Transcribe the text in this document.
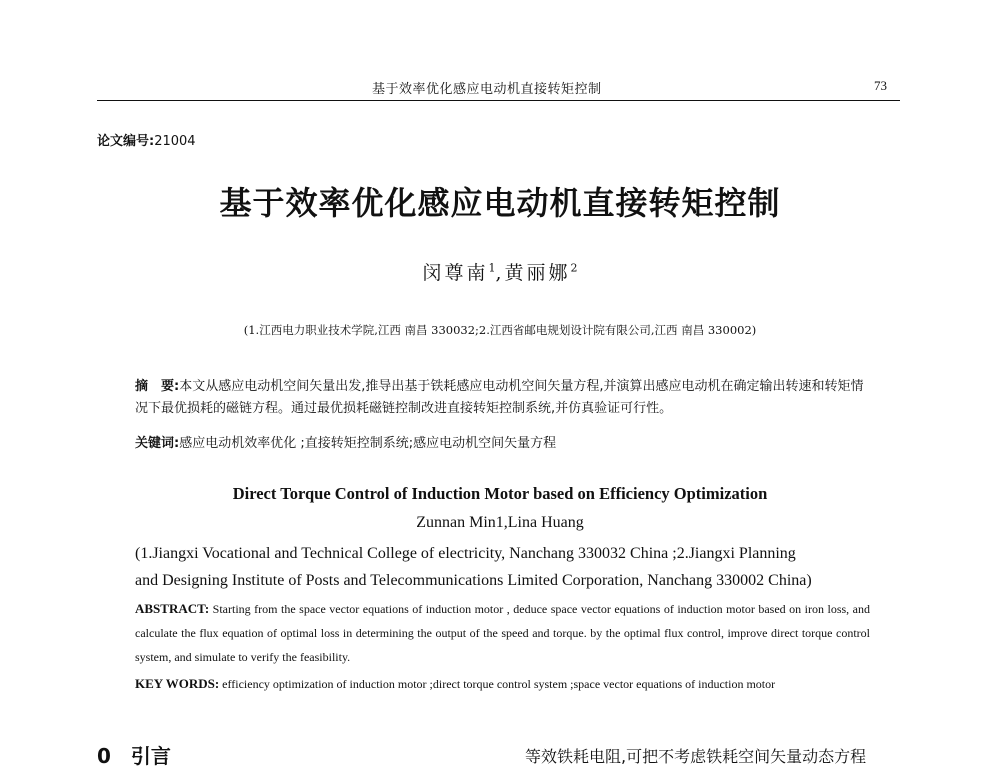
基于效率优化感应电动机直接转矩控制	73
论文编号:21004
基于效率优化感应电动机直接转矩控制
闵尊南$^1$,黄丽娜$^2$
(1.江西电力职业技术学院,江西 南昌 330032;2.江西省邮电规划设计院有限公司,江西 南昌 330002)
摘　要:本文从感应电动机空间矢量出发,推导出基于铁耗感应电动机空间矢量方程,并演算出感应电动机在确定输出转速和转矩情况下最优损耗的磁链方程。通过最优损耗磁链控制改进直接转矩控制系统,并仿真验证可行性。
关键词:感应电动机效率优化 ;直接转矩控制系统;感应电动机空间矢量方程
Direct Torque Control of Induction Motor based on Efficiency Optimization
Zunnan Min1,Lina Huang
(1.Jiangxi Vocational and Technical College of electricity, Nanchang 330032 China ;2.Jiangxi Planning
and Designing Institute of Posts and Telecommunications Limited Corporation, Nanchang 330002 China)
ABSTRACT: Starting from the space vector equations of induction motor , deduce space vector equations of induction motor based on iron loss, and calculate the flux equation of optimal loss in determining the output of the speed and torque. by the optimal flux control, improve direct torque control system, and simulate to verify the feasibility.
KEY WORDS: efficiency optimization of induction motor ;direct torque control system ;space vector equations of induction motor
0　引言	等效铁耗电阻,可把不考虑铁耗空间矢量动态方程
